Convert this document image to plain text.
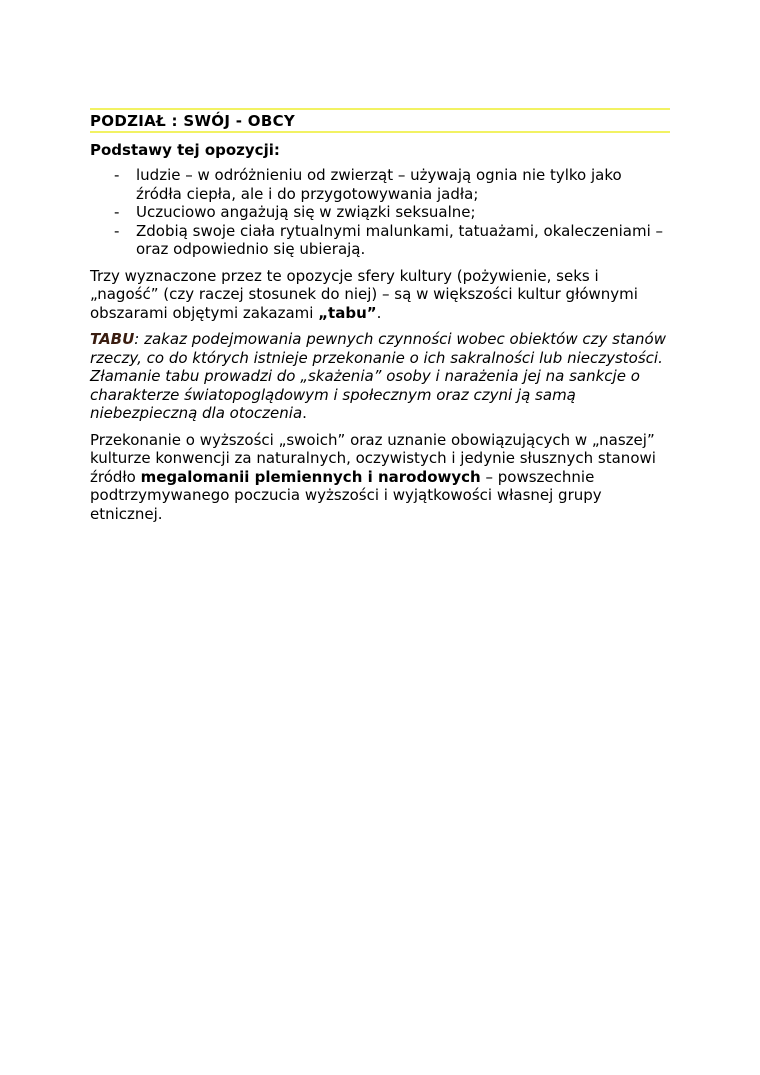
PODZIAŁ : SWÓJ - OBCY
Podstawy tej opozycji:
- ludzie – w odróżnieniu od zwierząt – używają ognia nie tylko jako źródła ciepła, ale i do przygotowywania jadła;
- Uczuciowo angażują się w związki seksualne;
- Zdobią swoje ciała rytualnymi malunkami, tatuażami, okaleczeniami – oraz odpowiednio się ubierają.

Trzy wyznaczone przez te opozycje sfery kultury (pożywienie, seks i „nagość” (czy raczej stosunek do niej) – są w większości kultur głównymi obszarami objętymi zakazami „tabu”.

TABU: zakaz podejmowania pewnych czynności wobec obiektów czy stanów rzeczy, co do których istnieje przekonanie o ich sakralności lub nieczystości. Złamanie tabu prowadzi do „skażenia” osoby i narażenia jej na sankcje o charakterze światopoglądowym i społecznym oraz czyni ją samą niebezpieczną dla otoczenia.

Przekonanie o wyższości „swoich” oraz uznanie obowiązujących w „naszej” kulturze konwencji za naturalnych, oczywistych i jedynie słusznych stanowi źródło megalomanii plemiennych i narodowych – powszechnie podtrzymywanego poczucia wyższości i wyjątkowości własnej grupy etnicznej.
